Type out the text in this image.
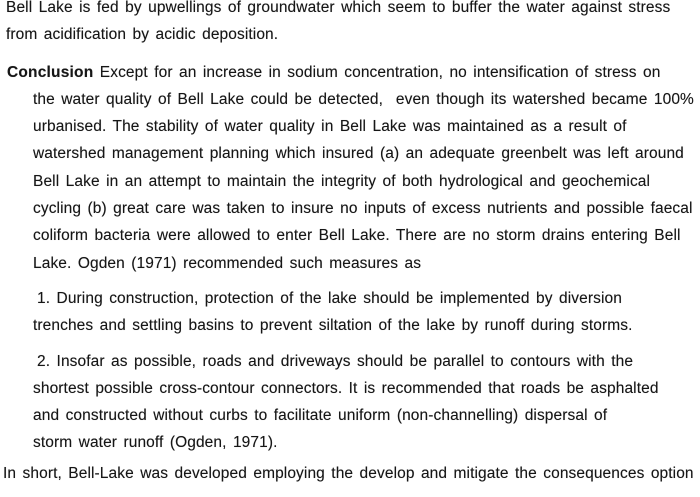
Bell Lake is fed by upwellings of groundwater which seem to buffer the water against stress
from acidification by acidic deposition.

Conclusion Except for an increase in sodium concentration, no intensification of stress on
the water quality of Bell Lake could be detected,  even though its watershed became 100%
urbanised. The stability of water quality in Bell Lake was maintained as a result of
watershed management planning which insured (a) an adequate greenbelt was left around
Bell Lake in an attempt to maintain the integrity of both hydrological and geochemical
cycling (b) great care was taken to insure no inputs of excess nutrients and possible faecal
coliform bacteria were allowed to enter Bell Lake. There are no storm drains entering Bell
Lake. Ogden (1971) recommended such measures as

1. During construction, protection of the lake should be implemented by diversion
trenches and settling basins to prevent siltation of the lake by runoff during storms.

2. Insofar as possible, roads and driveways should be parallel to contours with the
shortest possible cross-contour connectors. It is recommended that roads be asphalted
and constructed without curbs to facilitate uniform (non-channelling) dispersal of
storm water runoff (Ogden, 1971).

In short, Bell-Lake was developed employing the develop and mitigate the consequences option
